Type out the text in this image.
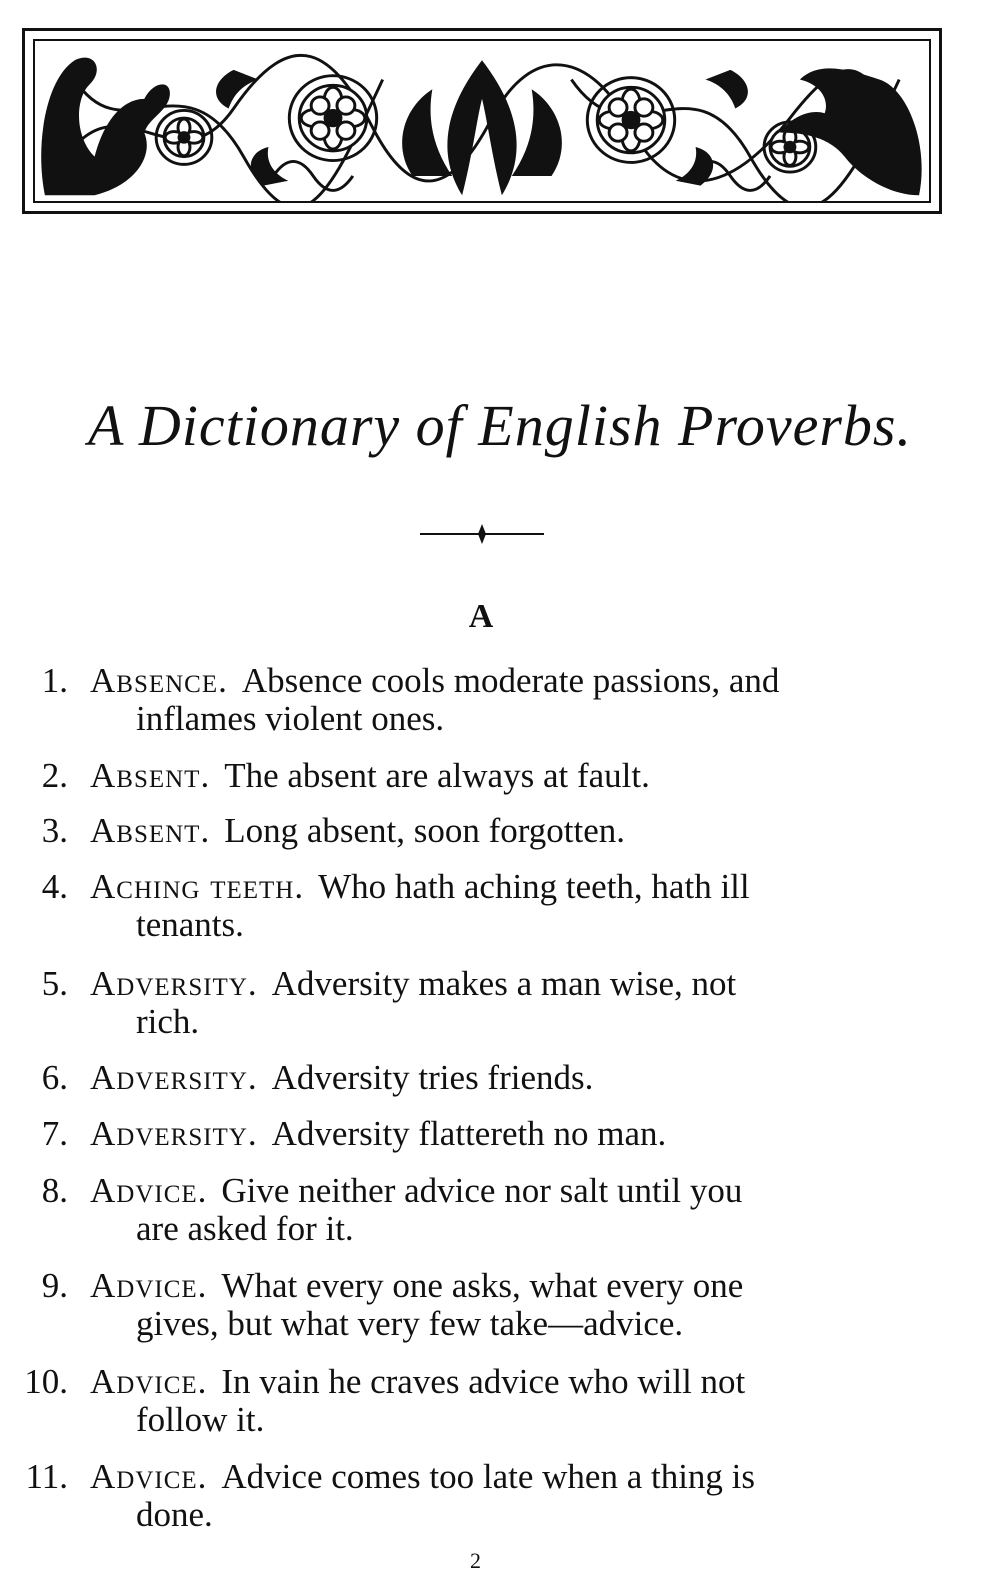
A Dictionary of English Proverbs.
A
1. Absence. Absence cools moderate passions, and
inflames violent ones.
2. Absent. The absent are always at fault.
3. Absent. Long absent, soon forgotten.
4. Aching teeth. Who hath aching teeth, hath ill
tenants.
5. Adversity. Adversity makes a man wise, not
rich.
6. Adversity. Adversity tries friends.
7. Adversity. Adversity flattereth no man.
8. Advice. Give neither advice nor salt until you
are asked for it.
9. Advice. What every one asks, what every one
gives, but what very few take—advice.
10. Advice. In vain he craves advice who will not
follow it.
11. Advice. Advice comes too late when a thing is
done.
2
